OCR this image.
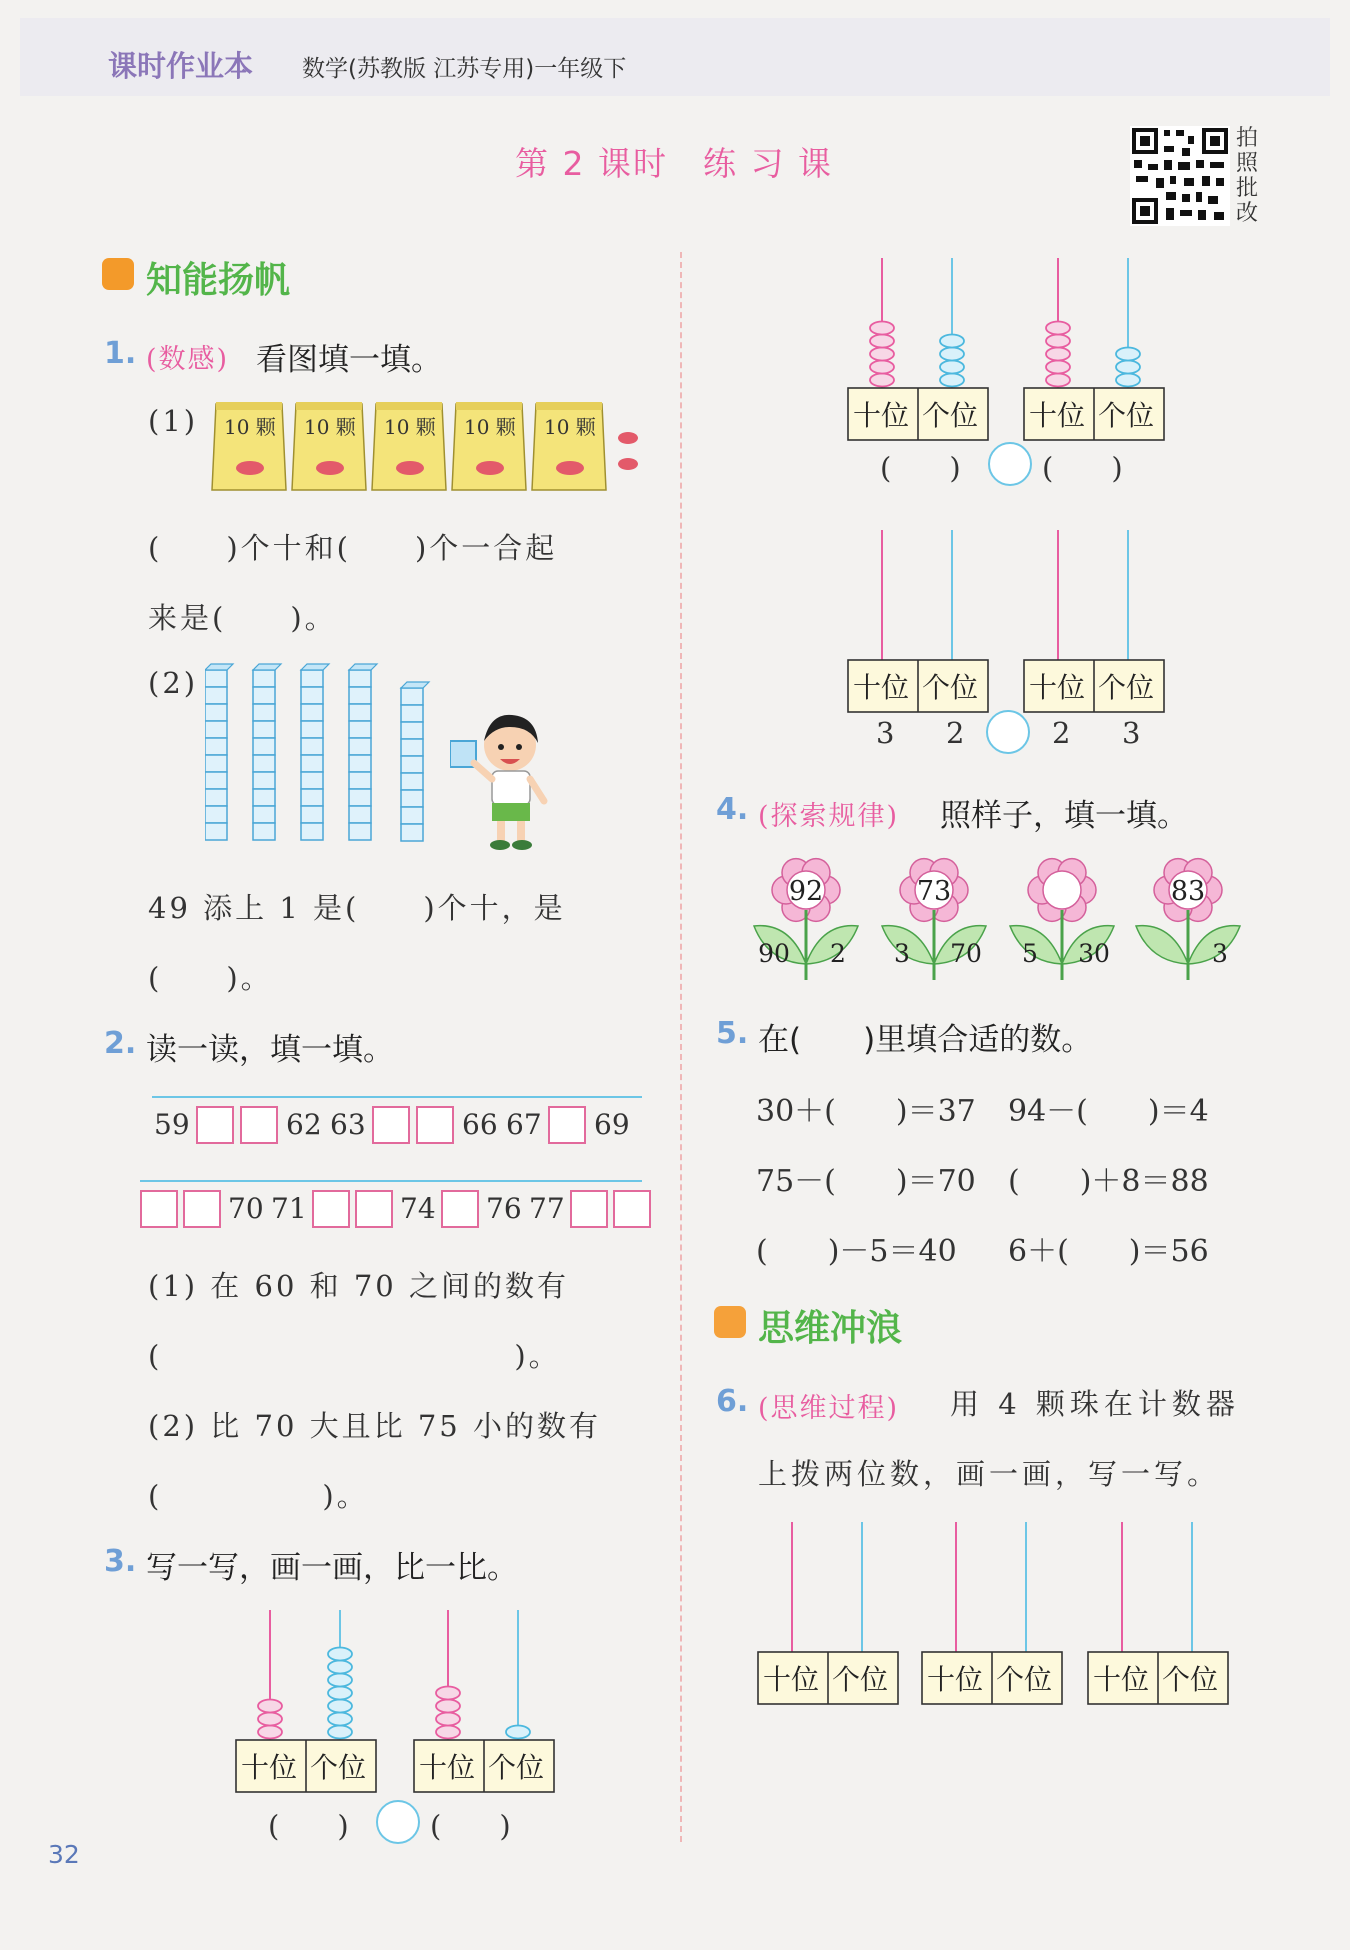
课时作业本 数学(苏教版 江苏专用)一年级下
第 2 课时　练 习 课
拍
照
批
改
知能扬帆
1. (数感) 看图填一填。
(1) 10 颗 10 颗 10 颗 10 颗 10 颗
(　　)个十和(　　)个一合起
来是(　　)。
(2)
49 添上 1 是(　　)个十，是
(　　)。
2. 读一读，填一填。
59	62 63	66 67 69
70 71	74 76 77
(1) 在 60 和 70 之间的数有
(　　　　　　　　　　　)。
(2) 比 70 大且比 75 小的数有
(　　　　　)。
3. 写一写，画一画，比一比。
十位 个位 十位 个位
(　　)	(　　)
十位 个位 十位 个位
(　　)	(　　)
十位 个位 十位 个位
3 2	2 3
十位 个位 十位 个位 十位 个位
4. (探索规律) 照样子，填一填。
92
90 2
73
3 70 5 30
83
3
5. 在(　　)里填合适的数。
30＋(　　)＝37 94－(　　)＝4
75－(　　)＝70 (　　)＋8＝88
(　　)－5＝40 6＋(　　)＝56
思维冲浪
6. (思维过程) 用 4 颗珠在计数器
上拨两位数，画一画，写一写。
32
